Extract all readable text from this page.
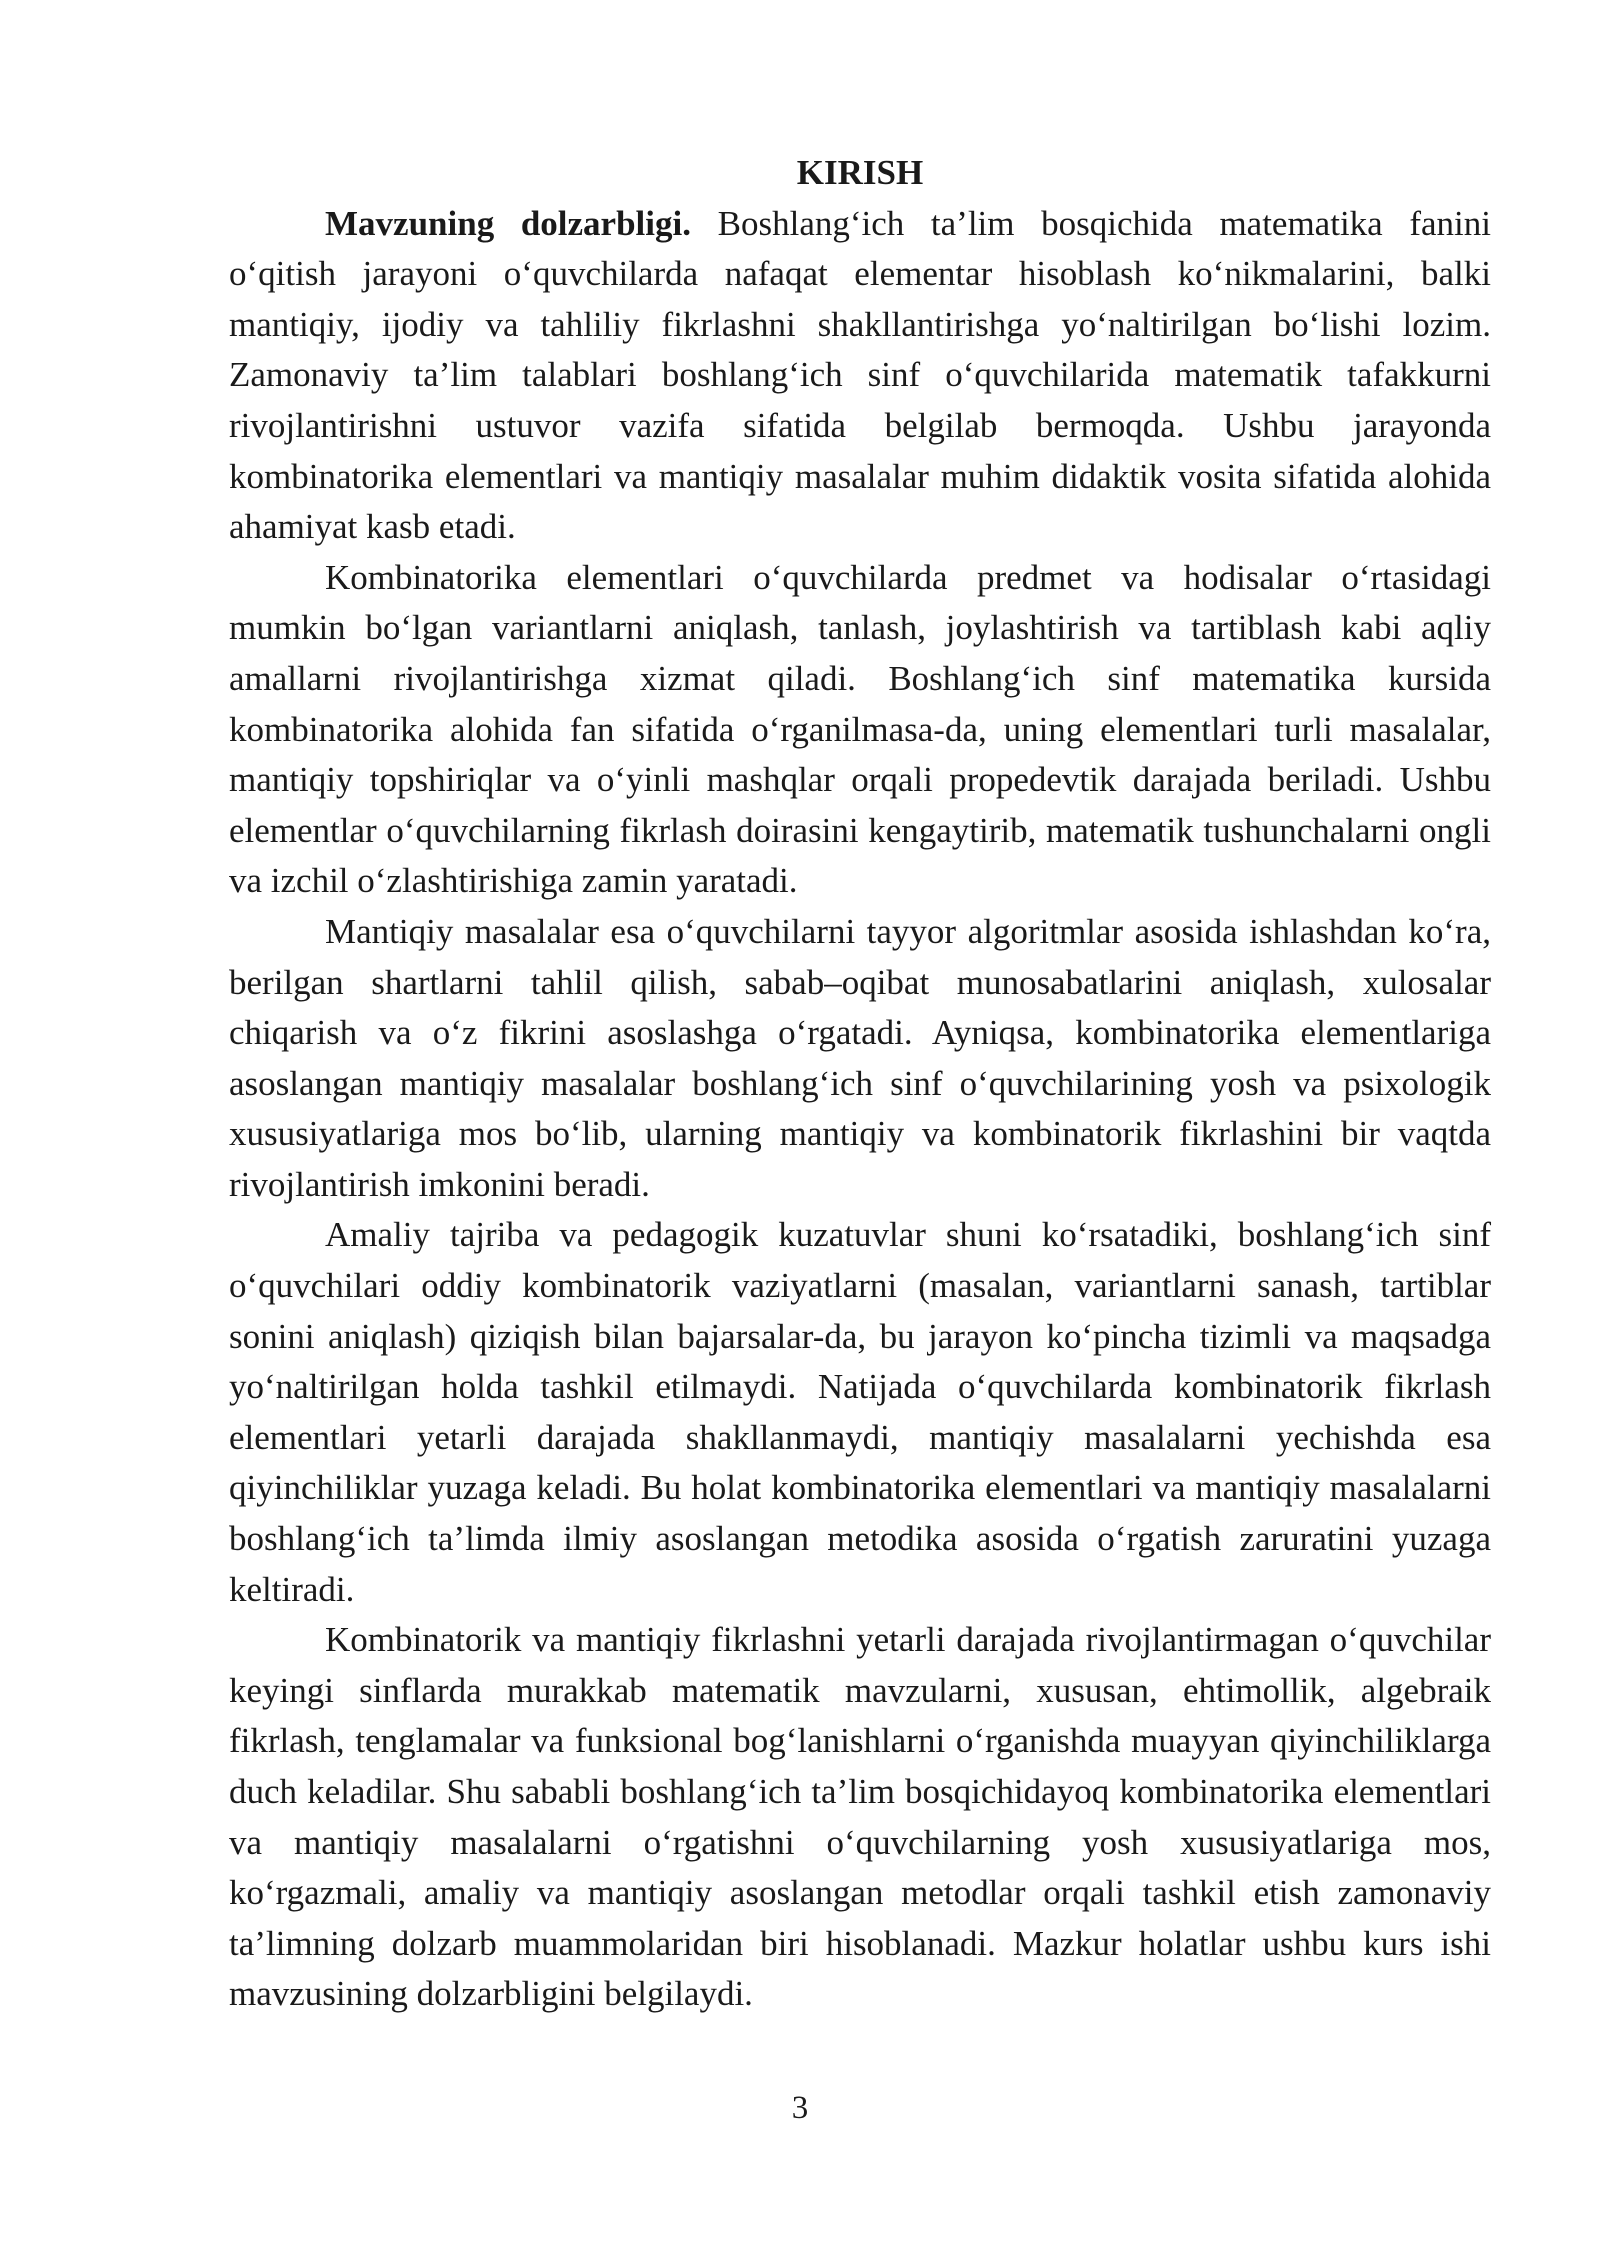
KIRISH

Mavzuning dolzarbligi. Boshlang‘ich ta’lim bosqichida matematika fanini o‘qitish jarayoni o‘quvchilarda nafaqat elementar hisoblash ko‘nikmalarini, balki mantiqiy, ijodiy va tahliliy fikrlashni shakllantirishga yo‘naltirilgan bo‘lishi lozim. Zamonaviy ta’lim talablari boshlang‘ich sinf o‘quvchilarida matematik tafakkurni rivojlantirishni ustuvor vazifa sifatida belgilab bermoqda. Ushbu jarayonda kombinatorika elementlari va mantiqiy masalalar muhim didaktik vosita sifatida alohida ahamiyat kasb etadi.

Kombinatorika elementlari o‘quvchilarda predmet va hodisalar o‘rtasidagi mumkin bo‘lgan variantlarni aniqlash, tanlash, joylashtirish va tartiblash kabi aqliy amallarni rivojlantirishga xizmat qiladi. Boshlang‘ich sinf matematika kursida kombinatorika alohida fan sifatida o‘rganilmasa-da, uning elementlari turli masalalar, mantiqiy topshiriqlar va o‘yinli mashqlar orqali propedevtik darajada beriladi. Ushbu elementlar o‘quvchilarning fikrlash doirasini kengaytirib, matematik tushunchalarni ongli va izchil o‘zlashtirishiga zamin yaratadi.

Mantiqiy masalalar esa o‘quvchilarni tayyor algoritmlar asosida ishlashdan ko‘ra, berilgan shartlarni tahlil qilish, sabab–oqibat munosabatlarini aniqlash, xulosalar chiqarish va o‘z fikrini asoslashga o‘rgatadi. Ayniqsa, kombinatorika elementlariga asoslangan mantiqiy masalalar boshlang‘ich sinf o‘quvchilarining yosh va psixologik xususiyatlariga mos bo‘lib, ularning mantiqiy va kombinatorik fikrlashini bir vaqtda rivojlantirish imkonini beradi.

Amaliy tajriba va pedagogik kuzatuvlar shuni ko‘rsatadiki, boshlang‘ich sinf o‘quvchilari oddiy kombinatorik vaziyatlarni (masalan, variantlarni sanash, tartiblar sonini aniqlash) qiziqish bilan bajarsalar-da, bu jarayon ko‘pincha tizimli va maqsadga yo‘naltirilgan holda tashkil etilmaydi. Natijada o‘quvchilarda kombinatorik fikrlash elementlari yetarli darajada shakllanmaydi, mantiqiy masalalarni yechishda esa qiyinchiliklar yuzaga keladi. Bu holat kombinatorika elementlari va mantiqiy masalalarni boshlang‘ich ta’limda ilmiy asoslangan metodika asosida o‘rgatish zaruratini yuzaga keltiradi.

Kombinatorik va mantiqiy fikrlashni yetarli darajada rivojlantirmagan o‘quvchilar keyingi sinflarda murakkab matematik mavzularni, xususan, ehtimollik, algebraik fikrlash, tenglamalar va funksional bog‘lanishlarni o‘rganishda muayyan qiyinchiliklarga duch keladilar. Shu sababli boshlang‘ich ta’lim bosqichidayoq kombinatorika elementlari va mantiqiy masalalarni o‘rgatishni o‘quvchilarning yosh xususiyatlariga mos, ko‘rgazmali, amaliy va mantiqiy asoslangan metodlar orqali tashkil etish zamonaviy ta’limning dolzarb muammolaridan biri hisoblanadi. Mazkur holatlar ushbu kurs ishi mavzusining dolzarbligini belgilaydi.

3
